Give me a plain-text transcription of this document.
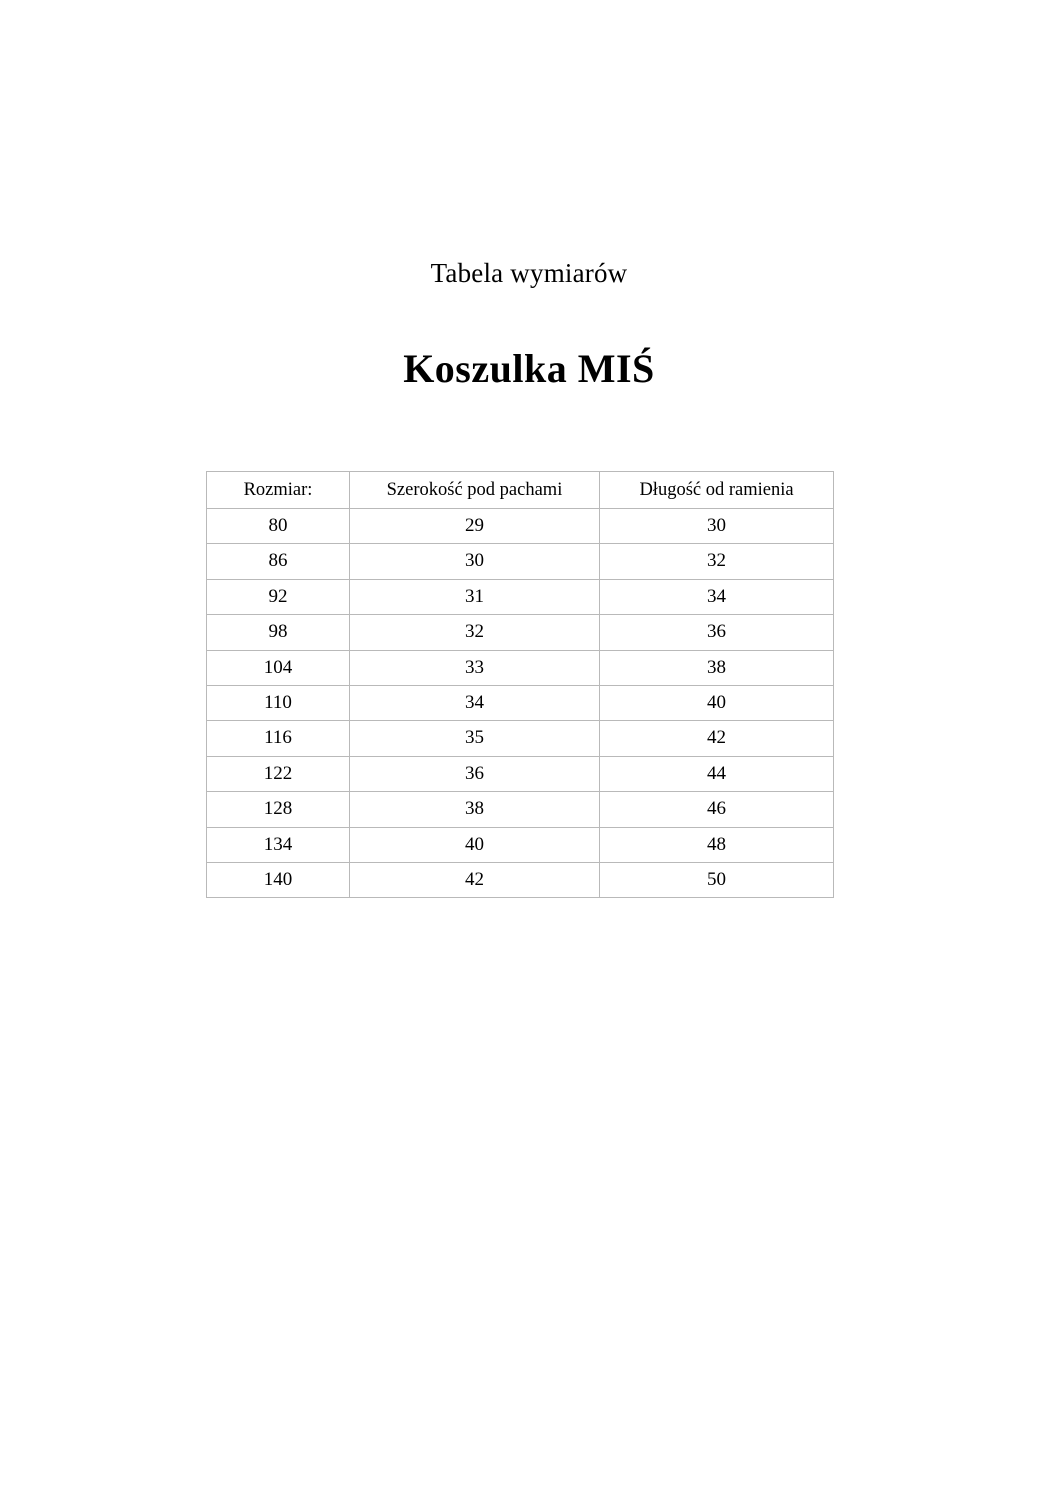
Tabela wymiarów
Koszulka MIŚ
Rozmiar:	Szerokość pod pachami	Długość od ramienia
80	29	30
86	30	32
92	31	34
98	32	36
104	33	38
110	34	40
116	35	42
122	36	44
128	38	46
134	40	48
140	42	50
